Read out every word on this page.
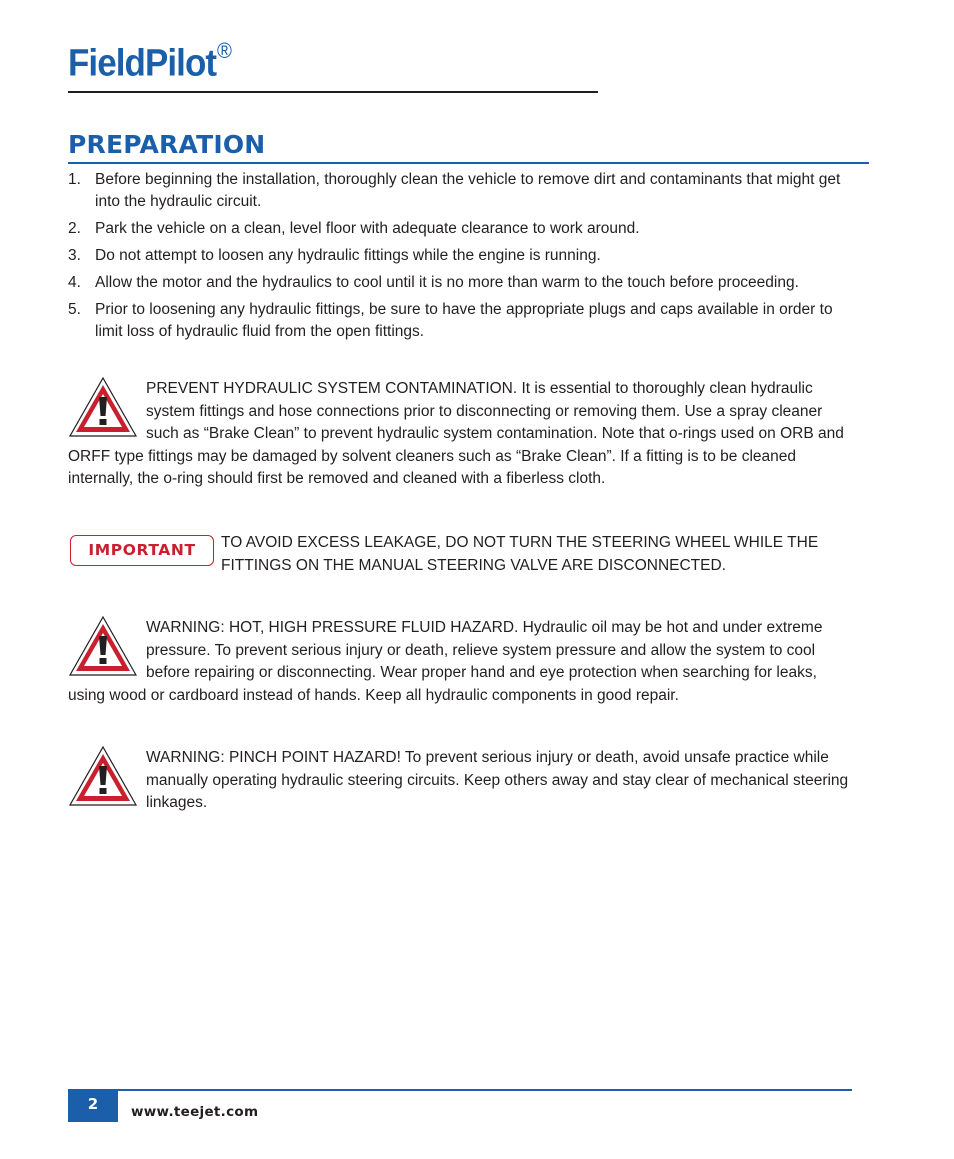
FieldPilot®
PREPARATION
1. Before beginning the installation, thoroughly clean the vehicle to remove dirt and contaminants that might get into the hydraulic circuit.
2. Park the vehicle on a clean, level floor with adequate clearance to work around.
3. Do not attempt to loosen any hydraulic fittings while the engine is running.
4. Allow the motor and the hydraulics to cool until it is no more than warm to the touch before proceeding.
5. Prior to loosening any hydraulic fittings, be sure to have the appropriate plugs and caps available in order to limit loss of hydraulic fluid from the open fittings.
PREVENT HYDRAULIC SYSTEM CONTAMINATION. It is essential to thoroughly clean hydraulic system fittings and hose connections prior to disconnecting or removing them. Use a spray cleaner such as “Brake Clean” to prevent hydraulic system contamination. Note that o-rings used on ORB and ORFF type fittings may be damaged by solvent cleaners such as “Brake Clean”. If a fitting is to be cleaned internally, the o-ring should first be removed and cleaned with a fiberless cloth.
IMPORTANT	TO AVOID EXCESS LEAKAGE, DO NOT TURN THE STEERING WHEEL WHILE THE FITTINGS ON THE MANUAL STEERING VALVE ARE DISCONNECTED.
WARNING: HOT, HIGH PRESSURE FLUID HAZARD. Hydraulic oil may be hot and under extreme pressure. To prevent serious injury or death, relieve system pressure and allow the system to cool before repairing or disconnecting. Wear proper hand and eye protection when searching for leaks, using wood or cardboard instead of hands. Keep all hydraulic components in good repair.
WARNING: PINCH POINT HAZARD! To prevent serious injury or death, avoid unsafe practice while manually operating hydraulic steering circuits. Keep others away and stay clear of mechanical steering linkages.
2	www.teejet.com
